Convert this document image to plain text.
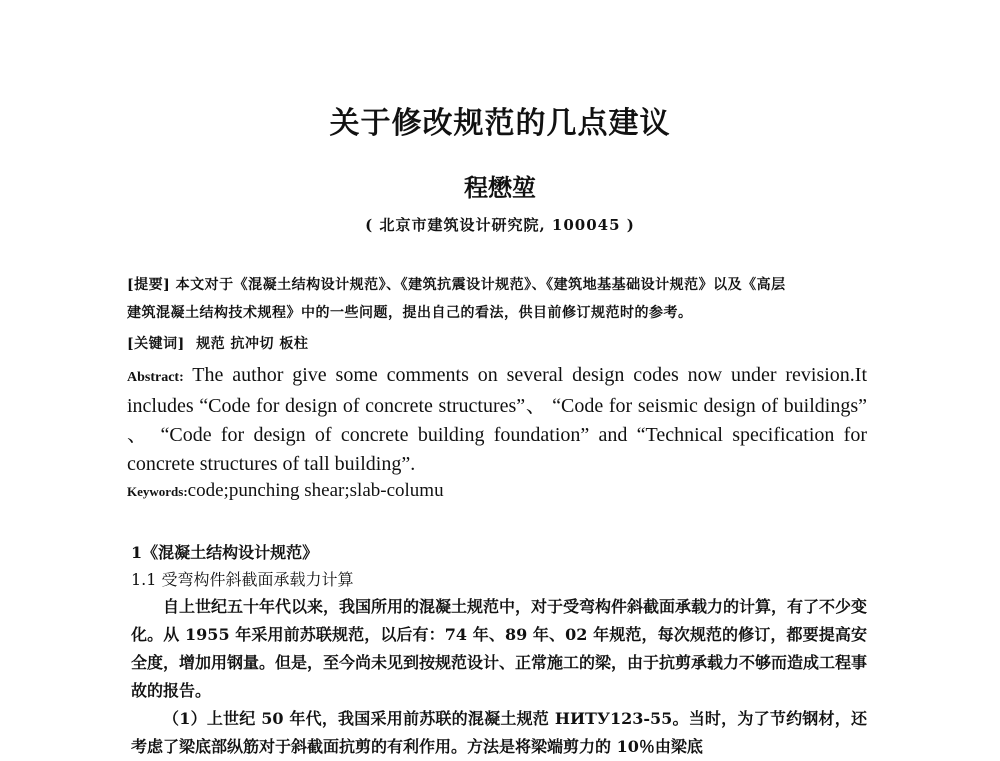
关于修改规范的几点建议
程懋堃
( 北京市建筑设计研究院, 100045 )
[提要] 本文对于《混凝土结构设计规范》、《建筑抗震设计规范》、《建筑地基基础设计规范》以及《高层
建筑混凝土结构技术规程》中的一些问题，提出自己的看法，供目前修订规范时的参考。
[关键词] 规范 抗冲切 板柱
Abstract: The author give some comments on several design codes now under revision.It includes “Code for design of concrete structures”、 “Code for seismic design of buildings” 、 “Code for design of concrete building foundation” and “Technical specification for concrete structures of tall building”.
Keywords:code;punching shear;slab-columu
1《混凝土结构设计规范》
1.1 受弯构件斜截面承载力计算

自上世纪五十年代以来，我国所用的混凝土规范中，对于受弯构件斜截面承载力的计算，有了不少变化。从 1955 年采用前苏联规范，以后有：74 年、89 年、02 年规范，每次规范的修订，都要提高安全度，增加用钢量。但是，至今尚未见到按规范设计、正常施工的梁，由于抗剪承载力不够而造成工程事故的报告。

（1）上世纪 50 年代，我国采用前苏联的混凝土规范 НИТУ123-55。当时，为了节约钢材，还考虑了梁底部纵筋对于斜截面抗剪的有利作用。方法是将梁端剪力的 10％由梁底
